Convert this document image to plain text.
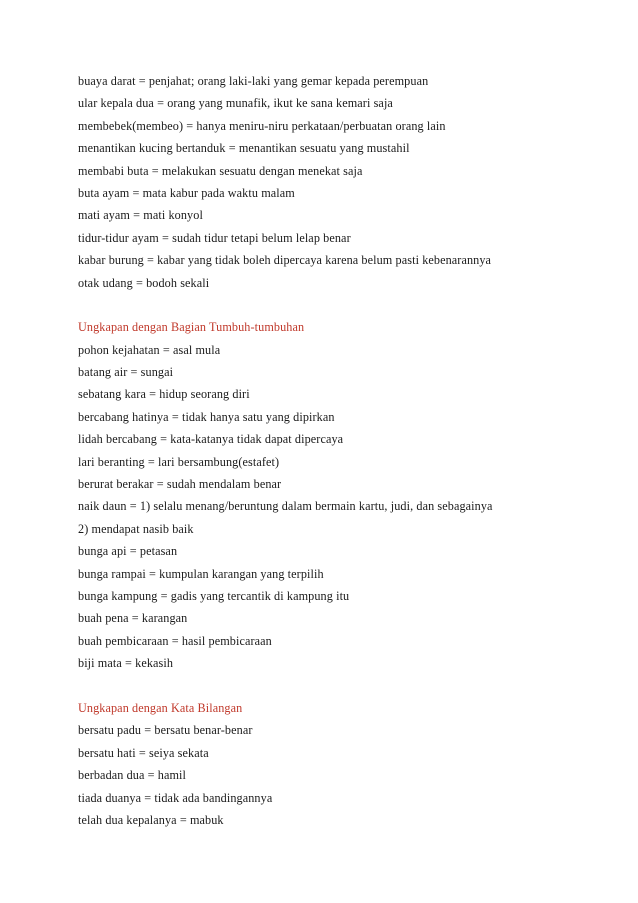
buaya darat = penjahat; orang laki-laki yang gemar kepada perempuan
ular kepala dua = orang yang munafik, ikut ke sana kemari saja
membebek(membeo) = hanya meniru-niru perkataan/perbuatan orang lain
menantikan kucing bertanduk = menantikan sesuatu yang mustahil
membabi buta = melakukan sesuatu dengan menekat saja
buta ayam = mata kabur pada waktu malam
mati ayam = mati konyol
tidur-tidur ayam = sudah tidur tetapi belum lelap benar
kabar burung = kabar yang tidak boleh dipercaya karena belum pasti kebenarannya
otak udang = bodoh sekali
Ungkapan dengan Bagian Tumbuh-tumbuhan
pohon kejahatan = asal mula
batang air = sungai
sebatang kara = hidup seorang diri
bercabang hatinya = tidak hanya satu yang dipirkan
lidah bercabang = kata-katanya tidak dapat dipercaya
lari beranting = lari bersambung(estafet)
berurat berakar = sudah mendalam benar
naik daun = 1) selalu menang/beruntung dalam bermain kartu, judi, dan sebagainya
2) mendapat nasib baik
bunga api = petasan
bunga rampai = kumpulan karangan yang terpilih
bunga kampung = gadis yang tercantik di kampung itu
buah pena = karangan
buah pembicaraan = hasil pembicaraan
biji mata = kekasih
Ungkapan dengan Kata Bilangan
bersatu padu = bersatu benar-benar
bersatu hati = seiya sekata
berbadan dua = hamil
tiada duanya = tidak ada bandingannya
telah dua kepalanya = mabuk
